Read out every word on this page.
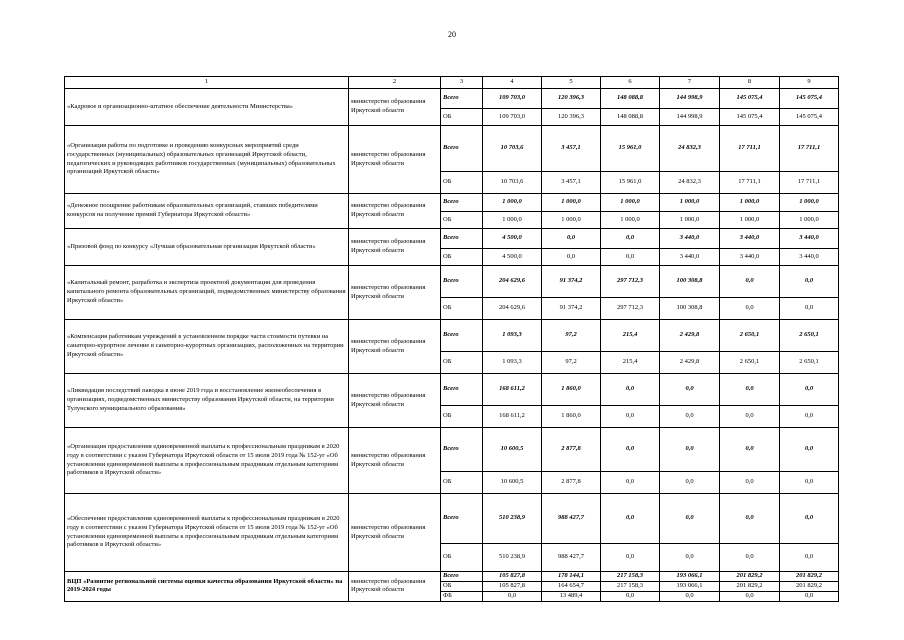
20
1	2	3	4	5	6	7	8	9
«Кадровое и организационно-штатное обеспечение деятельности Министерства»	министерство образования Иркутской области	Всего	109 703,0	120 396,3	148 088,8	144 998,9	145 075,4	145 075,4
		ОБ	109 703,0	120 396,3	148 088,8	144 998,9	145 075,4	145 075,4
«Организация работы по подготовке и проведению конкурсных мероприятий среди государственных (муниципальных) образовательных организаций Иркутской области, педагогических и руководящих работников государственных (муниципальных) образовательных организаций Иркутской области»	министерство образования Иркутской области	Всего	10 703,6	3 457,1	15 961,0	24 832,3	17 711,1	17 711,1
		ОБ	10 703,6	3 457,1	15 961,0	24 832,3	17 711,1	17 711,1
«Денежное поощрение работникам образовательных организаций, ставших победителями конкурсов на получение премий Губернатора Иркутской области»	министерство образования Иркутской области	Всего	1 000,0	1 000,0	1 000,0	1 000,0	1 000,0	1 000,0
		ОБ	1 000,0	1 000,0	1 000,0	1 000,0	1 000,0	1 000,0
«Призовой фонд по конкурсу «Лучшая образовательная организация Иркутской области»	министерство образования Иркутской области	Всего	4 500,0	0,0	0,0	3 440,0	3 440,0	3 440,0
		ОБ	4 500,0	0,0	0,0	3 440,0	3 440,0	3 440,0
«Капитальный ремонт, разработка и экспертиза проектной документации для проведения капитального ремонта образовательных организаций, подведомственных министерству образования Иркутской области»	министерство образования Иркутской области	Всего	204 629,6	91 374,2	297 712,3	100 308,8	0,0	0,0
		ОБ	204 629,6	91 374,2	297 712,3	100 308,8	0,0	0,0
«Компенсация работникам учреждений в установленном порядке части стоимости путевки на санаторно-курортное лечение в санаторно-курортных организациях, расположенных на территории Иркутской области»	министерство образования Иркутской области	Всего	1 093,3	97,2	215,4	2 429,8	2 650,1	2 650,1
		ОБ	1 093,3	97,2	215,4	2 429,8	2 650,1	2 650,1
«Ликвидация последствий паводка в июне 2019 года и восстановление жизнеобеспечения в организациях, подведомственных министерству образования Иркутской области, на территории Тулунского муниципального образования»	министерство образования Иркутской области	Всего	168 611,2	1 860,0	0,0	0,0	0,0	0,0
		ОБ	168 611,2	1 860,0	0,0	0,0	0,0	0,0
«Организация предоставления единовременной выплаты к профессиональным праздникам в 2020 году в соответствии с указом Губернатора Иркутской области от 15 июля 2019 года № 152-уг «Об установлении единовременной выплаты к профессиональным праздникам отдельным категориям работников в Иркутской области»	министерство образования Иркутской области	Всего	10 600,5	2 877,8	0,0	0,0	0,0	0,0
		ОБ	10 600,5	2 877,8	0,0	0,0	0,0	0,0
«Обеспечение предоставления единовременной выплаты к профессиональным праздникам в 2020 году в соответствии с указом Губернатора Иркутской области от 15 июля 2019 года № 152-уг «Об установлении единовременной выплаты к профессиональным праздникам отдельным категориям работников в Иркутской области»	министерство образования Иркутской области	Всего	510 238,9	988 427,7	0,0	0,0	0,0	0,0
		ОБ	510 238,9	988 427,7	0,0	0,0	0,0	0,0
ВЦП «Развитие региональной системы оценки качества образования Иркутской области» на 2019-2024 годы	министерство образования Иркутской области	Всего	105 827,8	178 144,1	217 158,3	193 066,1	201 829,2	201 829,2
		ОБ	105 827,8	164 654,7	217 158,3	193 066,1	201 829,2	201 829,2
		ФБ	0,0	13 489,4	0,0	0,0	0,0	0,0
